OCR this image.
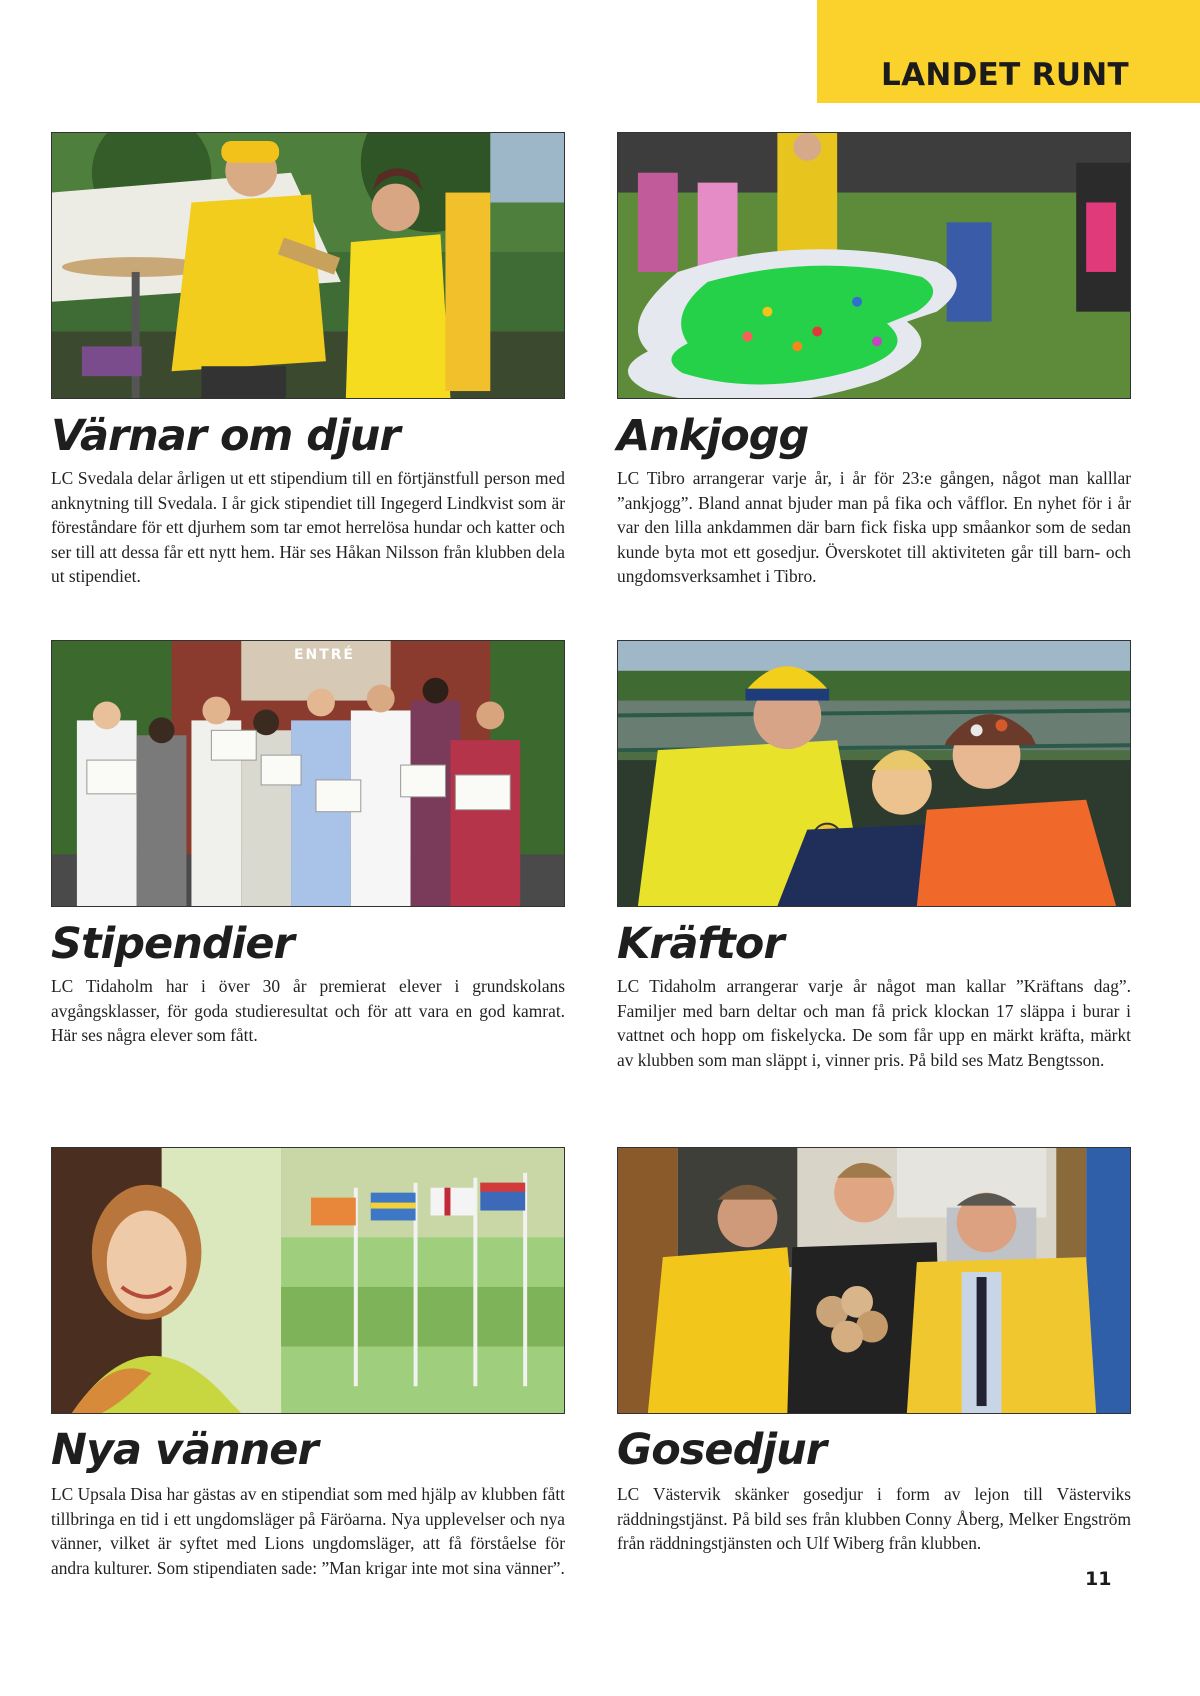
LANDET RUNT
Värnar om djur
LC Svedala delar årligen ut ett stipendium till en förtjänstfull person med anknytning till Svedala. I år gick stipendiet till Ingegerd Lindkvist som är föreståndare för ett djurhem som tar emot herrelösa hundar och katter och ser till att dessa får ett nytt hem. Här ses Håkan Nilsson från klubben dela ut stipendiet.
Ankjogg
LC Tibro arrangerar varje år, i år för 23:e gången, något man kalllar ”ankjogg”. Bland annat bjuder man på fika och våfflor. En nyhet för i år var den lilla ankdammen där barn fick fiska upp småankor som de sedan kunde byta mot ett gosedjur. Överskotet till aktiviteten går till barn- och ungdomsverksamhet i Tibro.
ENTRÉ
Stipendier
LC Tidaholm har i över 30 år premierat elever i grundskolans avgångsklasser, för goda studieresultat och för att vara en god kamrat. Här ses några elever som fått.
Kräftor
LC Tidaholm arrangerar varje år något man kallar ”Kräftans dag”. Familjer med barn deltar och man få prick klockan 17 släppa i burar i vattnet och hopp om fiskelycka. De som får upp en märkt kräfta, märkt av klubben som man släppt i, vinner pris. På bild ses Matz Bengtsson.
Nya vänner
LC Upsala Disa har gästas av en stipendiat som med hjälp av klubben fått tillbringa en tid i ett ungdomsläger på Färöarna. Nya upplevelser och nya vänner, vilket är syftet med Lions ungdomsläger, att få förståelse för andra kulturer. Som stipendiaten sade: ”Man krigar inte mot sina vänner”.
Gosedjur
LC Västervik skänker gosedjur i form av lejon till Västerviks räddningstjänst. På bild ses från klubben Conny Åberg, Melker Engström från räddningstjänsten och Ulf Wiberg från klubben.
11
